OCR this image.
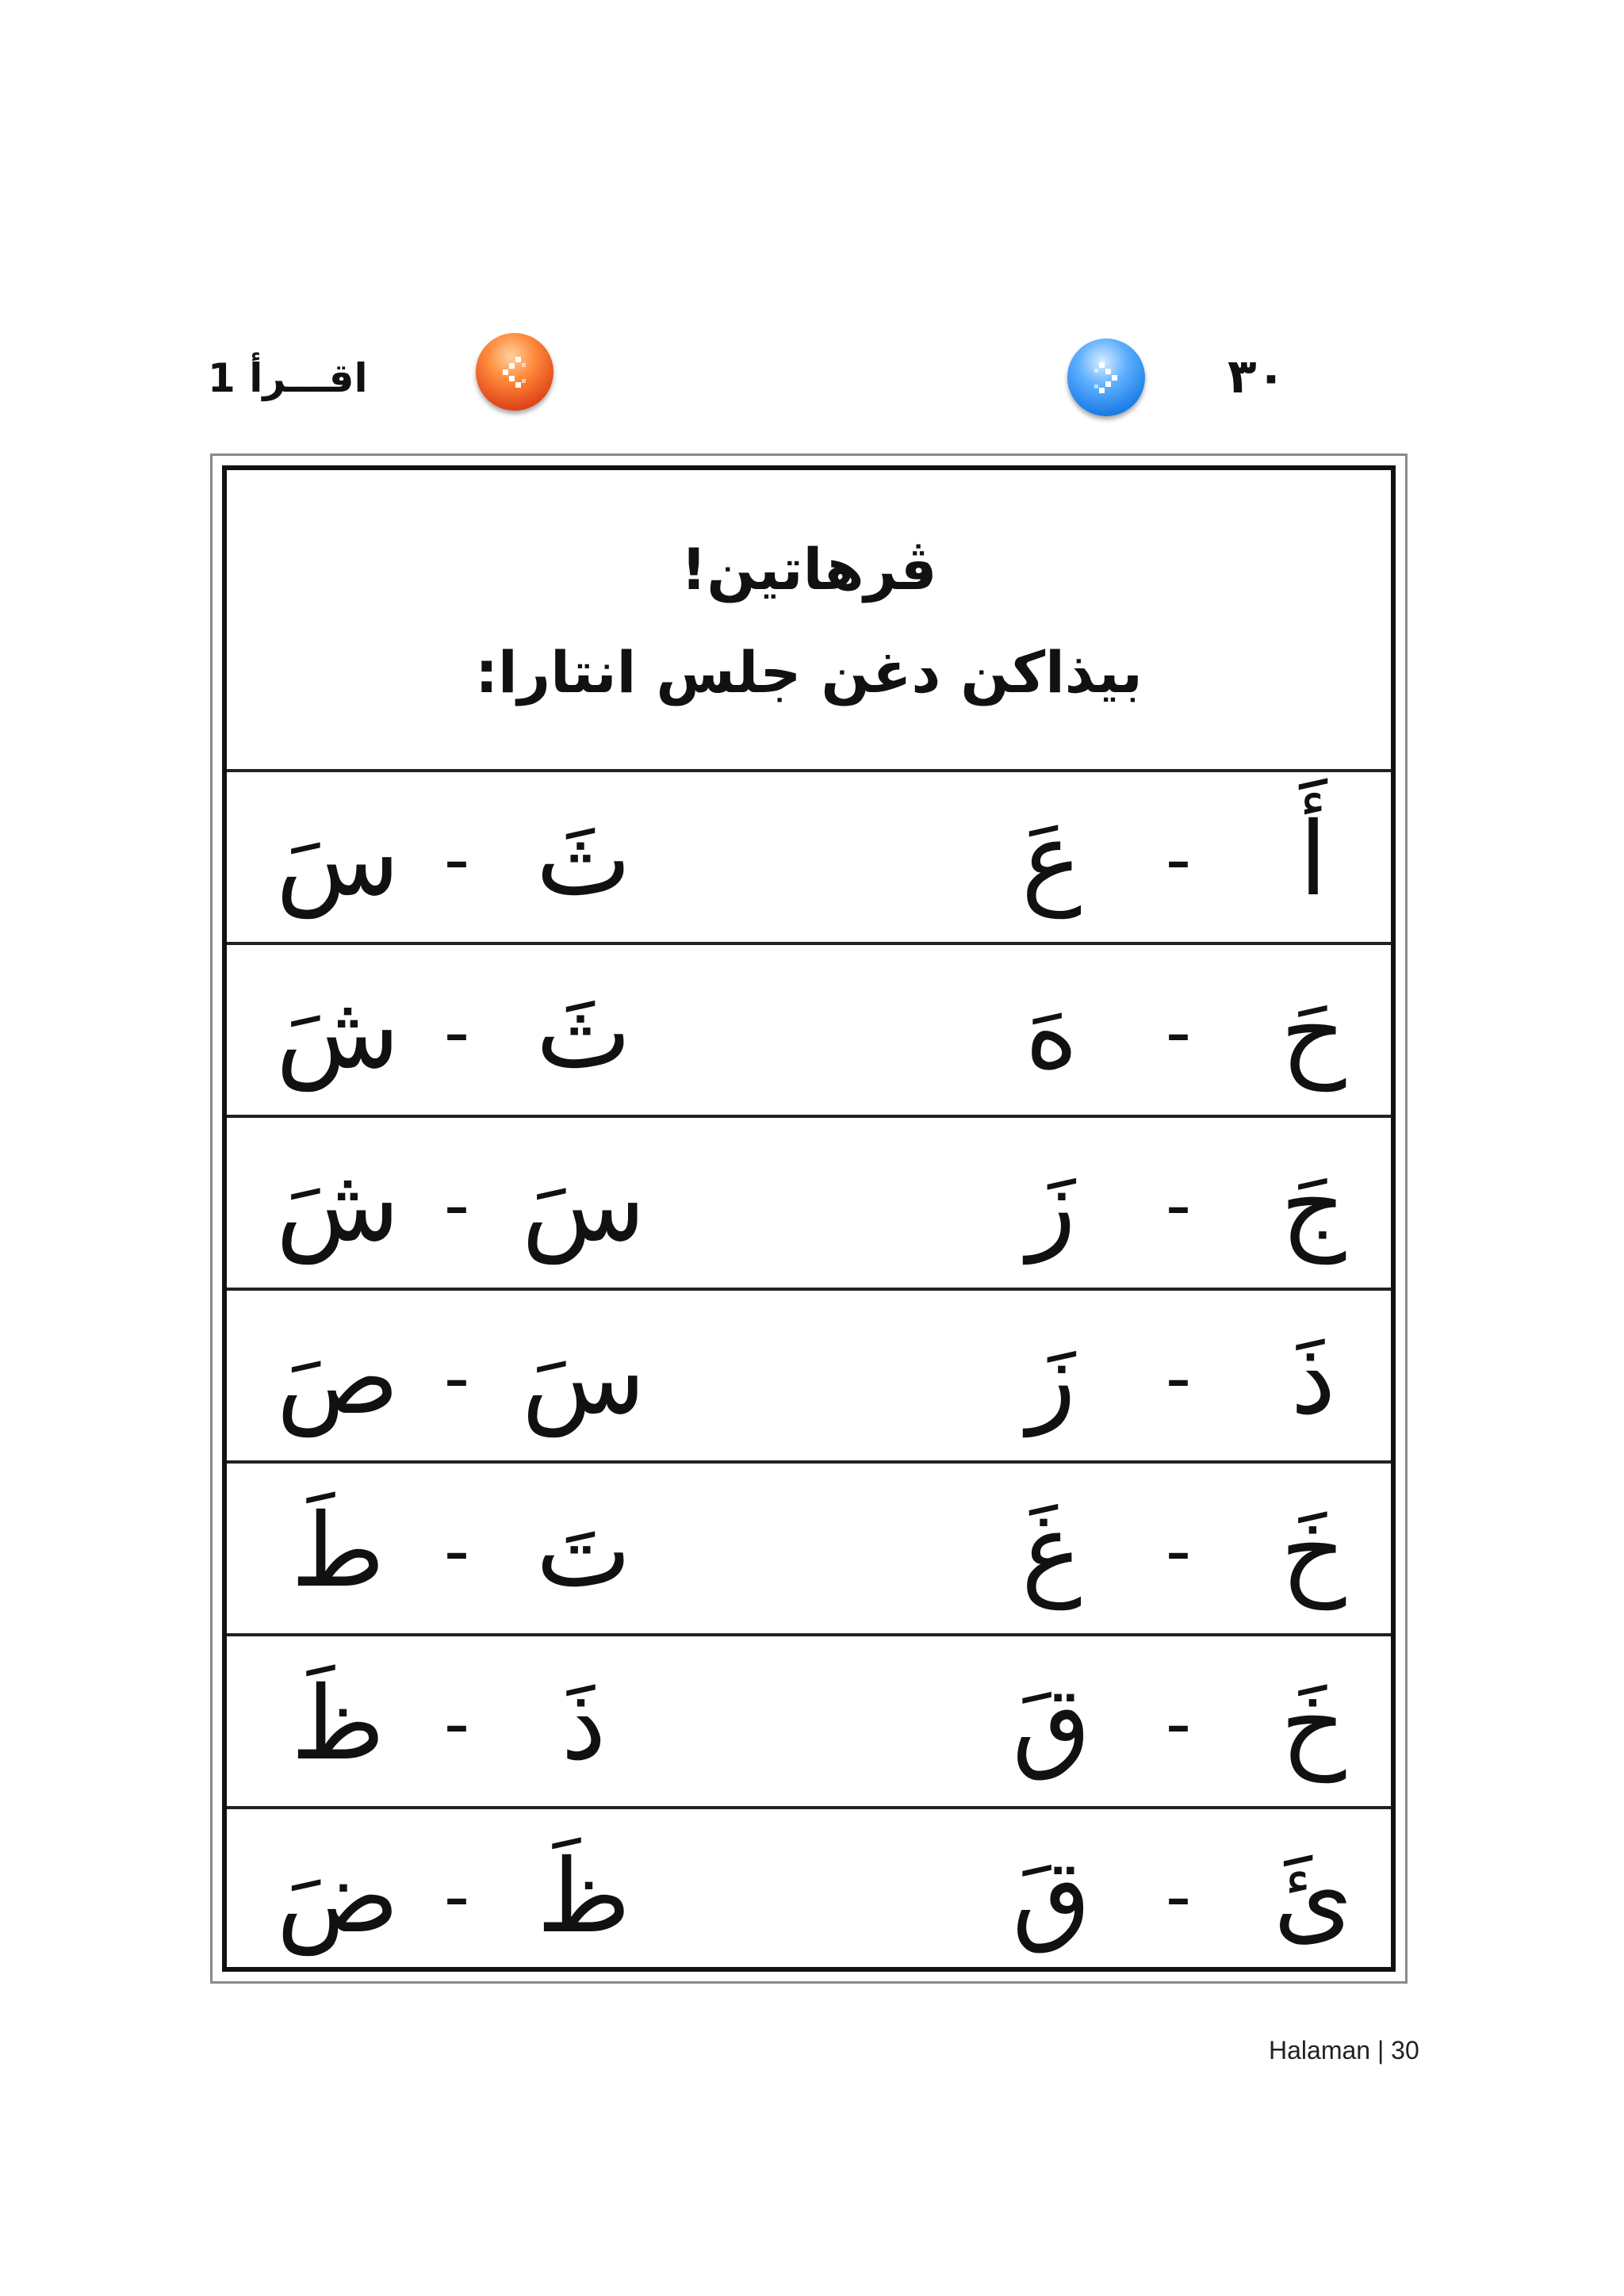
1 اقـــرأ	٣٠
ڤرهاتين!
بيذاكن دغن جلس انتارا:
أَ
-
عَ
ثَ
-
سَ
حَ
-
هَ
ثَ
-
شَ
جَ
-
زَ
سَ
-
شَ
ذَ
-
زَ
سَ
-
صَ
خَ
-
غَ
تَ
-
طَ
خَ
-
قَ
ذَ
-
ظَ
ئَ
-
قَ
ظَ
-
ضَ
Halaman | 30
